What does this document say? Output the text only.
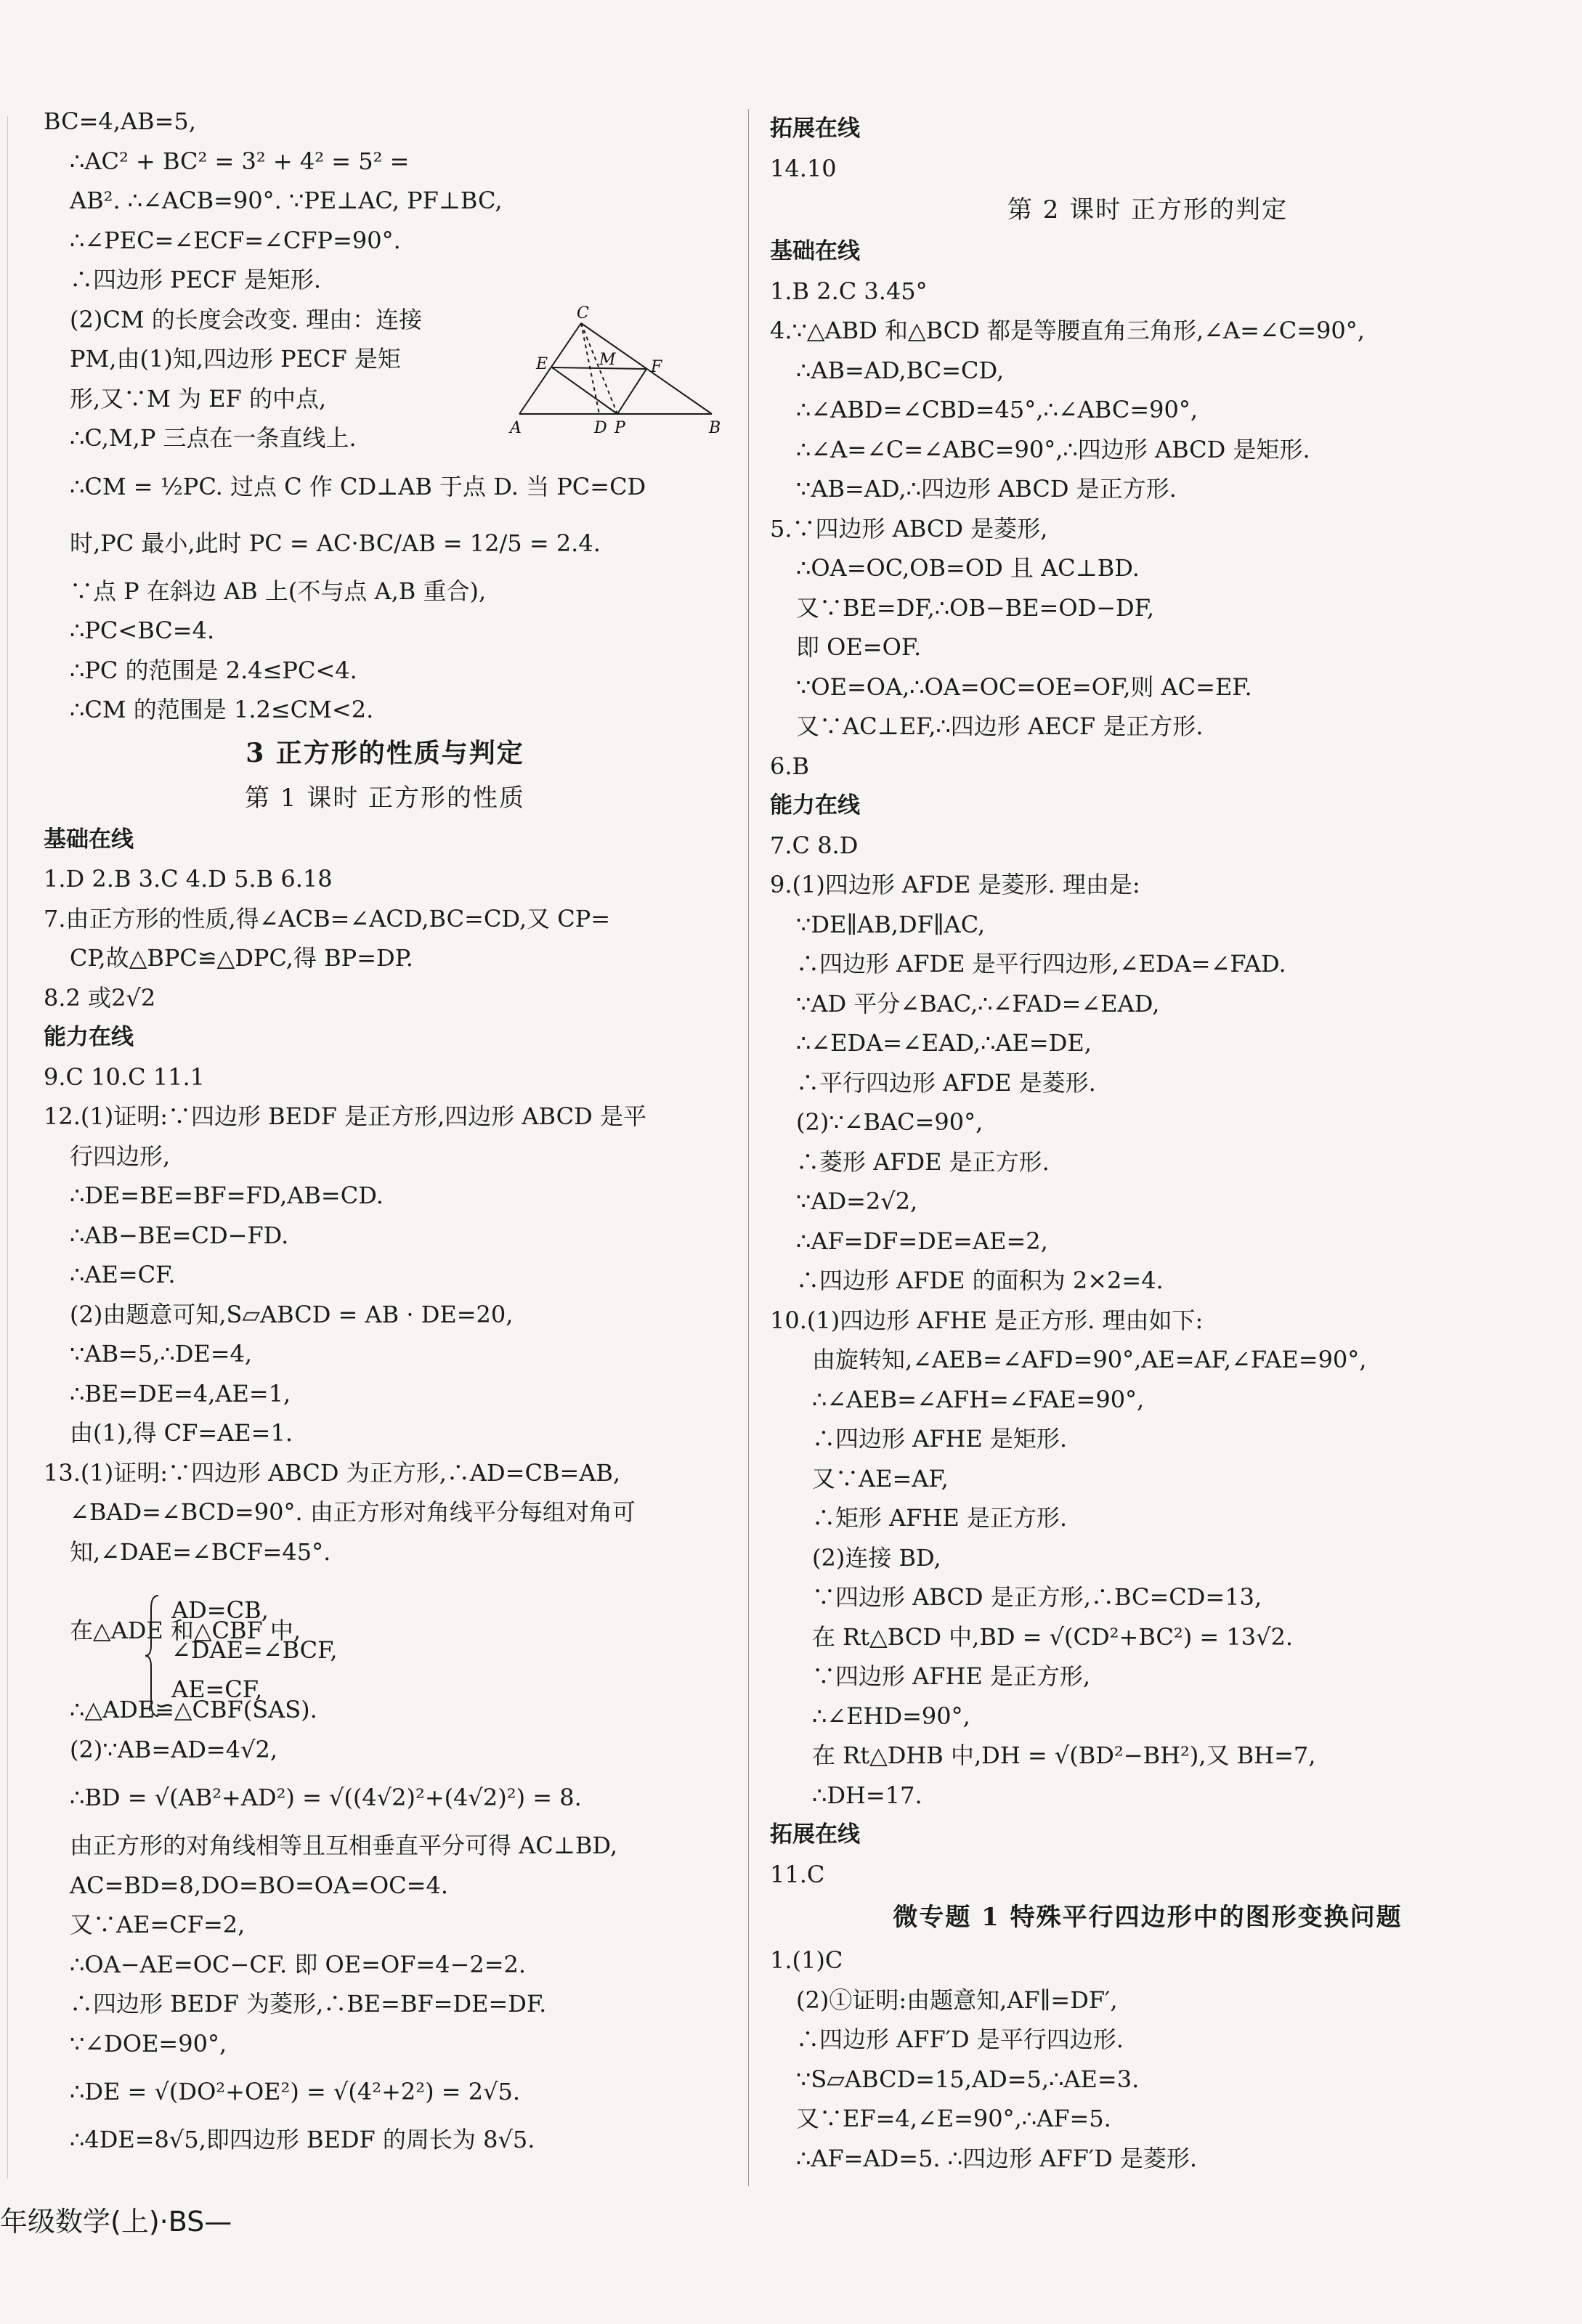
BC=4,AB=5,
∴AC² + BC² = 3² + 4² = 5² =
AB². ∴∠ACB=90°. ∵PE⊥AC, PF⊥BC,
∴∠PEC=∠ECF=∠CFP=90°.
∴四边形 PECF 是矩形.
(2)CM 的长度会改变. 理由：连接
PM,由(1)知,四边形 PECF 是矩
形,又∵M 为 EF 的中点,
∴C,M,P 三点在一条直线上.
∴CM = ½PC. 过点 C 作 CD⊥AB 于点 D. 当 PC=CD
时,PC 最小,此时 PC = AC·BC/AB = 12/5 = 2.4.
∵点 P 在斜边 AB 上(不与点 A,B 重合),
∴PC<BC=4.
∴PC 的范围是 2.4≤PC<4.
∴CM 的范围是 1.2≤CM<2.
3 正方形的性质与判定
第 1 课时 正方形的性质
基础在线
1.D 2.B 3.C 4.D 5.B 6.18
7.由正方形的性质,得∠ACB=∠ACD,BC=CD,又 CP=
CP,故△BPC≌△DPC,得 BP=DP.
8.2 或2√2
能力在线
9.C 10.C 11.1
12.(1)证明:∵四边形 BEDF 是正方形,四边形 ABCD 是平
行四边形,
∴DE=BE=BF=FD,AB=CD.
∴AB−BE=CD−FD.
∴AE=CF.
(2)由题意可知,S▱ABCD = AB · DE=20,
∵AB=5,∴DE=4,
∴BE=DE=4,AE=1,
由(1),得 CF=AE=1.
13.(1)证明:∵四边形 ABCD 为正方形,∴AD=CB=AB,
∠BAD=∠BCD=90°. 由正方形对角线平分每组对角可
知,∠DAE=∠BCF=45°.
在△ADE 和△CBF 中,
∴△ADE≌△CBF(SAS).
(2)∵AB=AD=4√2,
∴BD = √(AB²+AD²) = √((4√2)²+(4√2)²) = 8.
由正方形的对角线相等且互相垂直平分可得 AC⊥BD,
AC=BD=8,DO=BO=OA=OC=4.
又∵AE=CF=2,
∴OA−AE=OC−CF. 即 OE=OF=4−2=2.
∴四边形 BEDF 为菱形,∴BE=BF=DE=DF.
∵∠DOE=90°,
∴DE = √(DO²+OE²) = √(4²+2²) = 2√5.
∴4DE=8√5,即四边形 BEDF 的周长为 8√5.
AD=CB,
∠DAE=∠BCF,
AE=CF,
C
E	M F
A	D P	B
拓展在线
14.10
第 2 课时 正方形的判定
基础在线
1.B 2.C 3.45°
4.∵△ABD 和△BCD 都是等腰直角三角形,∠A=∠C=90°,
∴AB=AD,BC=CD,
∴∠ABD=∠CBD=45°,∴∠ABC=90°,
∴∠A=∠C=∠ABC=90°,∴四边形 ABCD 是矩形.
∵AB=AD,∴四边形 ABCD 是正方形.
5.∵四边形 ABCD 是菱形,
∴OA=OC,OB=OD 且 AC⊥BD.
又∵BE=DF,∴OB−BE=OD−DF,
即 OE=OF.
∵OE=OA,∴OA=OC=OE=OF,则 AC=EF.
又∵AC⊥EF,∴四边形 AECF 是正方形.
6.B
能力在线
7.C 8.D
9.(1)四边形 AFDE 是菱形. 理由是:
∵DE∥AB,DF∥AC,
∴四边形 AFDE 是平行四边形,∠EDA=∠FAD.
∵AD 平分∠BAC,∴∠FAD=∠EAD,
∴∠EDA=∠EAD,∴AE=DE,
∴平行四边形 AFDE 是菱形.
(2)∵∠BAC=90°,
∴菱形 AFDE 是正方形.
∵AD=2√2,
∴AF=DF=DE=AE=2,
∴四边形 AFDE 的面积为 2×2=4.
10.(1)四边形 AFHE 是正方形. 理由如下:
由旋转知,∠AEB=∠AFD=90°,AE=AF,∠FAE=90°,
∴∠AEB=∠AFH=∠FAE=90°,
∴四边形 AFHE 是矩形.
又∵AE=AF,
∴矩形 AFHE 是正方形.
(2)连接 BD,
∵四边形 ABCD 是正方形,∴BC=CD=13,
在 Rt△BCD 中,BD = √(CD²+BC²) = 13√2.
∵四边形 AFHE 是正方形,
∴∠EHD=90°,
在 Rt△DHB 中,DH = √(BD²−BH²),又 BH=7,
∴DH=17.
拓展在线
11.C
微专题 1 特殊平行四边形中的图形变换问题
1.(1)C
(2)①证明:由题意知,AF∥=DF′,
∴四边形 AFF′D 是平行四边形.
∵S▱ABCD=15,AD=5,∴AE=3.
又∵EF=4,∠E=90°,∴AF=5.
∴AF=AD=5. ∴四边形 AFF′D 是菱形.
年级数学(上)·BS—
